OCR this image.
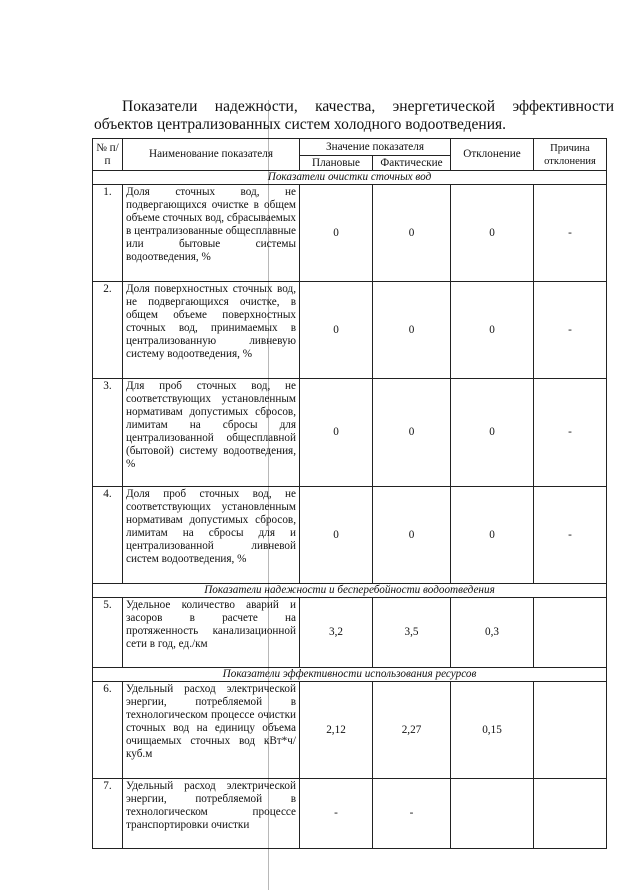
Показатели надежности, качества, энергетической эффективности объектов централизованных систем холодного водоотведения.
№ п/п	Наименование показателя	Значение показателя		Отклонение	Причина отклонения
		Плановые	Фактические		
Показатели очистки сточных вод					
1.	Доля сточных вод, не подвергающихся очистке в общем объеме сточных вод, сбрасываемых в централизованные общесплавные или бытовые системы водоотведения, %	0	0	0	-
2.	Доля поверхностных сточных вод, не подвергающихся очистке, в общем объеме поверхностных сточных вод, принимаемых в централизованную ливневую систему водоотведения, %	0	0	0	-
3.	Для проб сточных вод, не соответствующих установленным нормативам допустимых сбросов, лимитам на сбросы для централизованной общесплавной (бытовой) систему водоотведения, %	0	0	0	-
4.	Доля проб сточных вод, не соответствующих установленным нормативам допустимых сбросов, лимитам на сбросы для и централизованной ливневой систем водоотведения, %	0	0	0	-
Показатели надежности и бесперебойности водоотведения					
5.	Удельное количество аварий и засоров в расчете на протяженность канализационной сети в год, ед./км	3,2	3,5	0,3	
Показатели эффективности использования ресурсов					
6.	Удельный расход электрической энергии, потребляемой в технологическом процессе очистки сточных вод на единицу объема очищаемых сточных вод кВт*ч/куб.м	2,12	2,27	0,15	
7.	Удельный расход электрической энергии, потребляемой в технологическом процессе транспортировки очистки	-	-		
